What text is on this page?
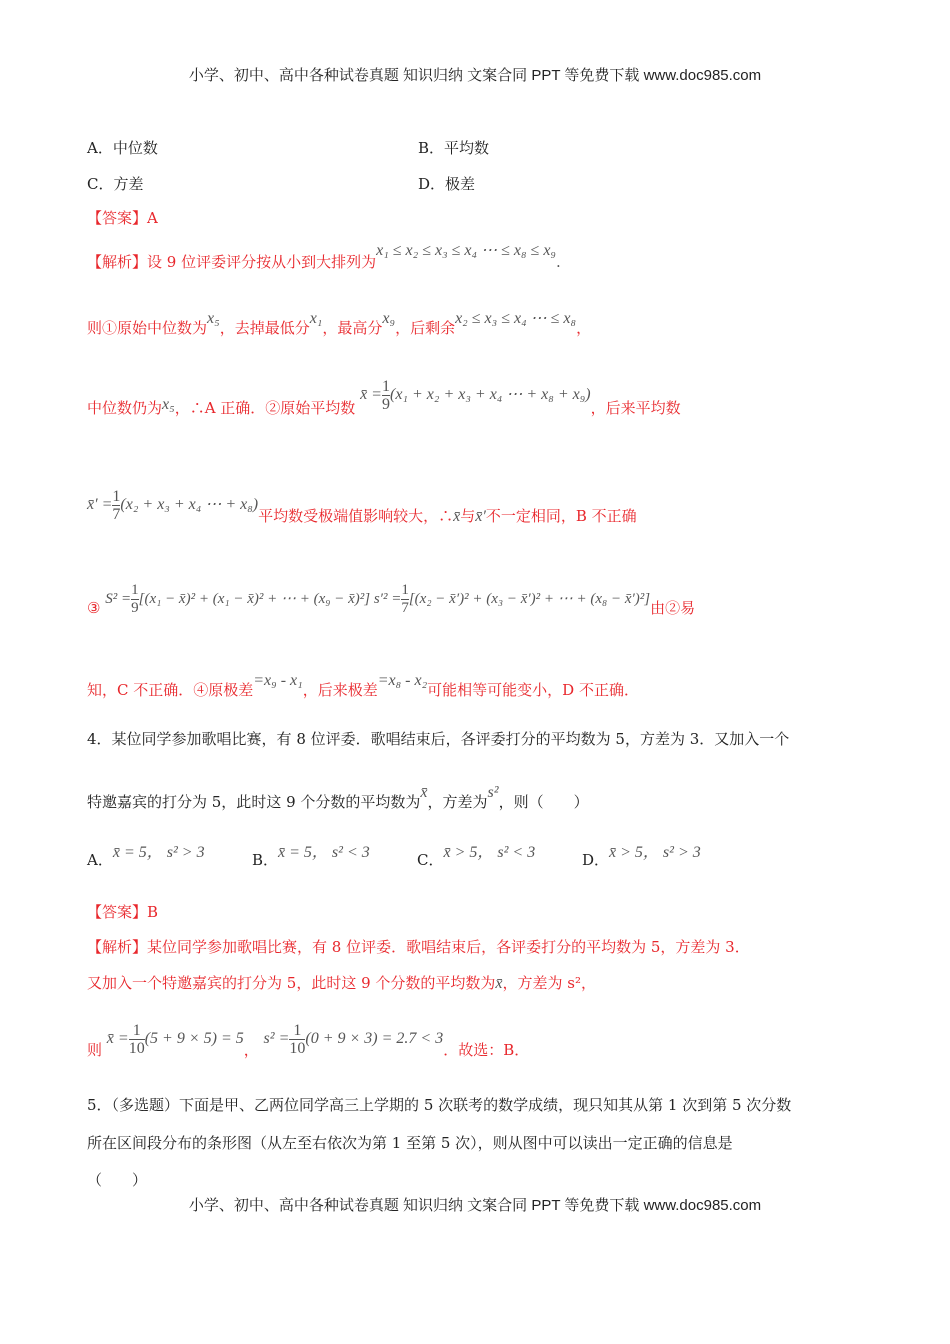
小学、初中、高中各种试卷真题 知识归纳 文案合同 PPT 等免费下载 www.doc985.com
A．中位数	B．平均数
C．方差	D．极差
【答案】A
【解析】设 9 位评委评分按从小到大排列为x₁ ≤ x₂ ≤ x₃ ≤ x₄ ⋯ ≤ x₈ ≤ x₉.
则①原始中位数为x₅，去掉最低分x₁，最高分x₉，后剩余x₂ ≤ x₃ ≤ x₄ ⋯ ≤ x₈，
中位数仍为x₅，∴A 正确．②原始平均数 x̄ = $\frac{1}{9} (x_1 + x_2 + x_3 + x_4$ ⋯ + x₈ + x₉)，后来平均数
x̄′ = $\frac{1}{7} (x_2 + x_3 + x_4$ ⋯ + x₈)平均数受极端值影响较大，∴x̄与x̄′不一定相同，B 不正确
③ $S^2 = \frac{1}{9} [(x_1$ − x̄)² + (x₁ − x̄)² + ⋯ + (x₉ − x̄)²] $s'^2 = \frac{1}{7} [(x_2$ − x̄′)² + (x₃ − x̄′)² + ⋯ + (x₈ − x̄′)²]由②易
知，C 不正确．④原极差=x₉ - x₁，后来极差=x₈ - x₂可能相等可能变小，D 不正确．
4．某位同学参加歌唱比赛，有 8 位评委．歌唱结束后，各评委打分的平均数为 5，方差为 3．又加入一个
特邀嘉宾的打分为 5，此时这 9 个分数的平均数为x̄，方差为s²，则（　　）
A．x̄ = 5， s² > 3	B．x̄ = 5， s² < 3	C．x̄ > 5， s² < 3	D．x̄ > 5， s² > 3
【答案】B
【解析】某位同学参加歌唱比赛，有 8 位评委．歌唱结束后，各评委打分的平均数为 5，方差为 3．
又加入一个特邀嘉宾的打分为 5，此时这 9 个分数的平均数为x̄，方差为 s²，
则 x̄ = $\frac{1}{10} (5 + 9 \times 5) = 5$， $s^2 = \frac{1}{10} (0 + 9 \times 3) = 2.7 < 3$．故选：B．
5．（多选题）下面是甲、乙两位同学高三上学期的 5 次联考的数学成绩，现只知其从第 1 次到第 5 次分数
所在区间段分布的条形图（从左至右依次为第 1 至第 5 次），则从图中可以读出一定正确的信息是
（　　）
小学、初中、高中各种试卷真题 知识归纳 文案合同 PPT 等免费下载 www.doc985.com
